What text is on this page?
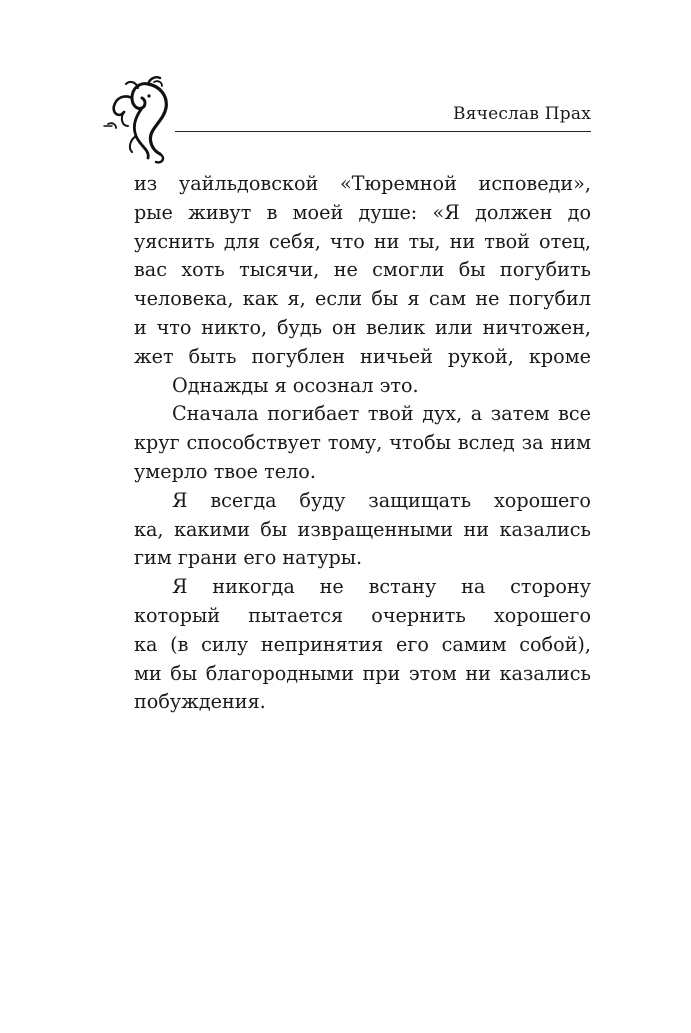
Вячеслав Прах
из уайльдовской «Тюремной исповеди»,
рые живут в моей душе: «Я должен до
уяснить для себя, что ни ты, ни твой отец,
вас хоть тысячи, не смогли бы погубить
человека, как я, если бы я сам не погубил
и что никто, будь он велик или ничтожен,
жет быть погублен ничьей рукой, кроме
Однажды я осознал это.
Сначала погибает твой дух, а затем все
круг способствует тому, чтобы вслед за ним
умерло твое тело.
Я всегда буду защищать хорошего
ка, какими бы извращенными ни казались
гим грани его натуры.
Я никогда не встану на сторону
который пытается очернить хорошего
ка (в силу непринятия его самим собой),
ми бы благородными при этом ни казались
побуждения.
